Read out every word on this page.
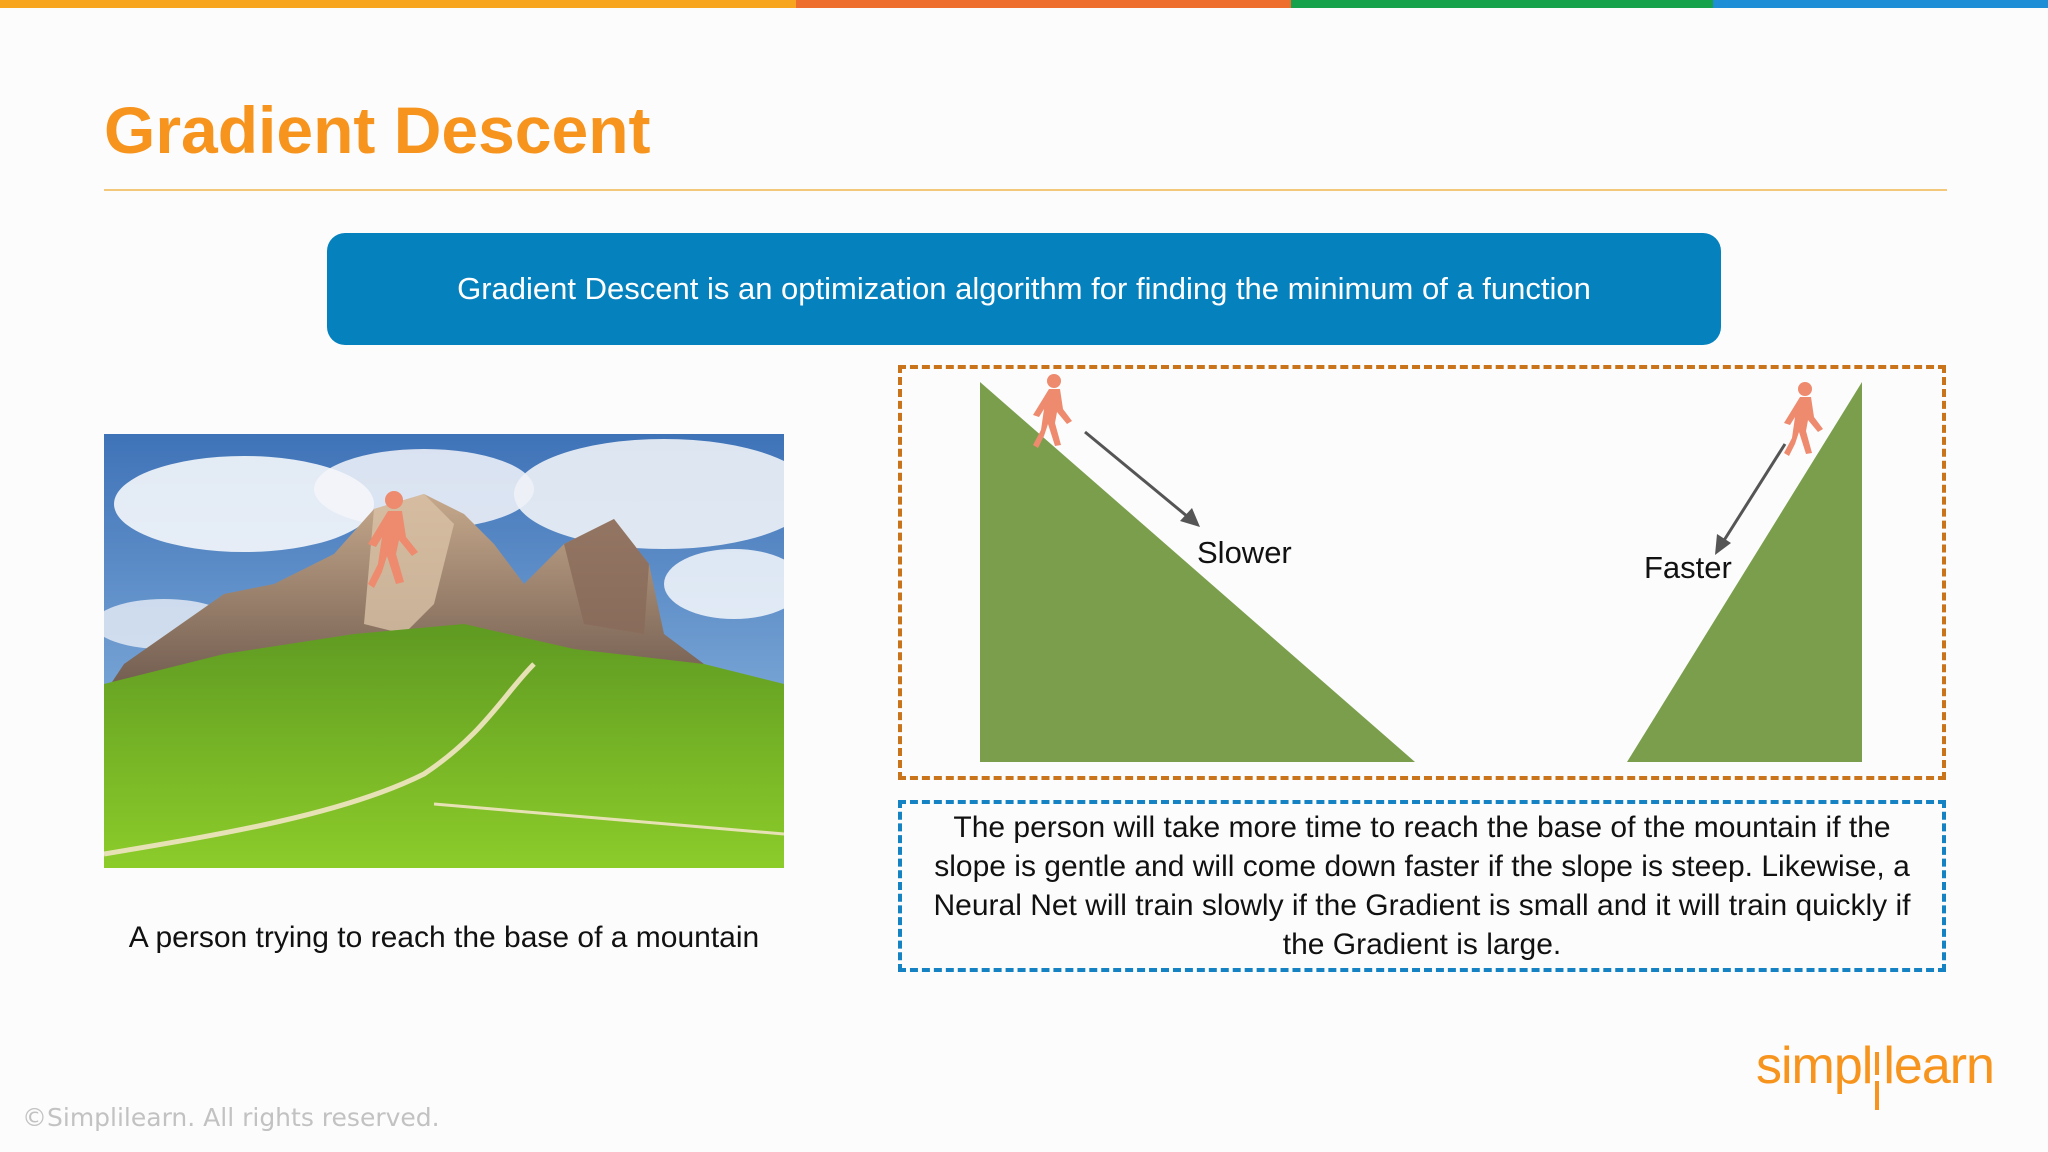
Gradient Descent
Gradient Descent is an optimization algorithm for finding the minimum of a function
A person trying to reach the base of a mountain
Slower	Faster
The person will take more time to reach the base of the mountain if the slope is gentle and will come down faster if the slope is steep. Likewise, a Neural Net will train slowly if the Gradient is small and it will train quickly if the Gradient is large.
©Simplilearn. All rights reserved.
simpl learn
